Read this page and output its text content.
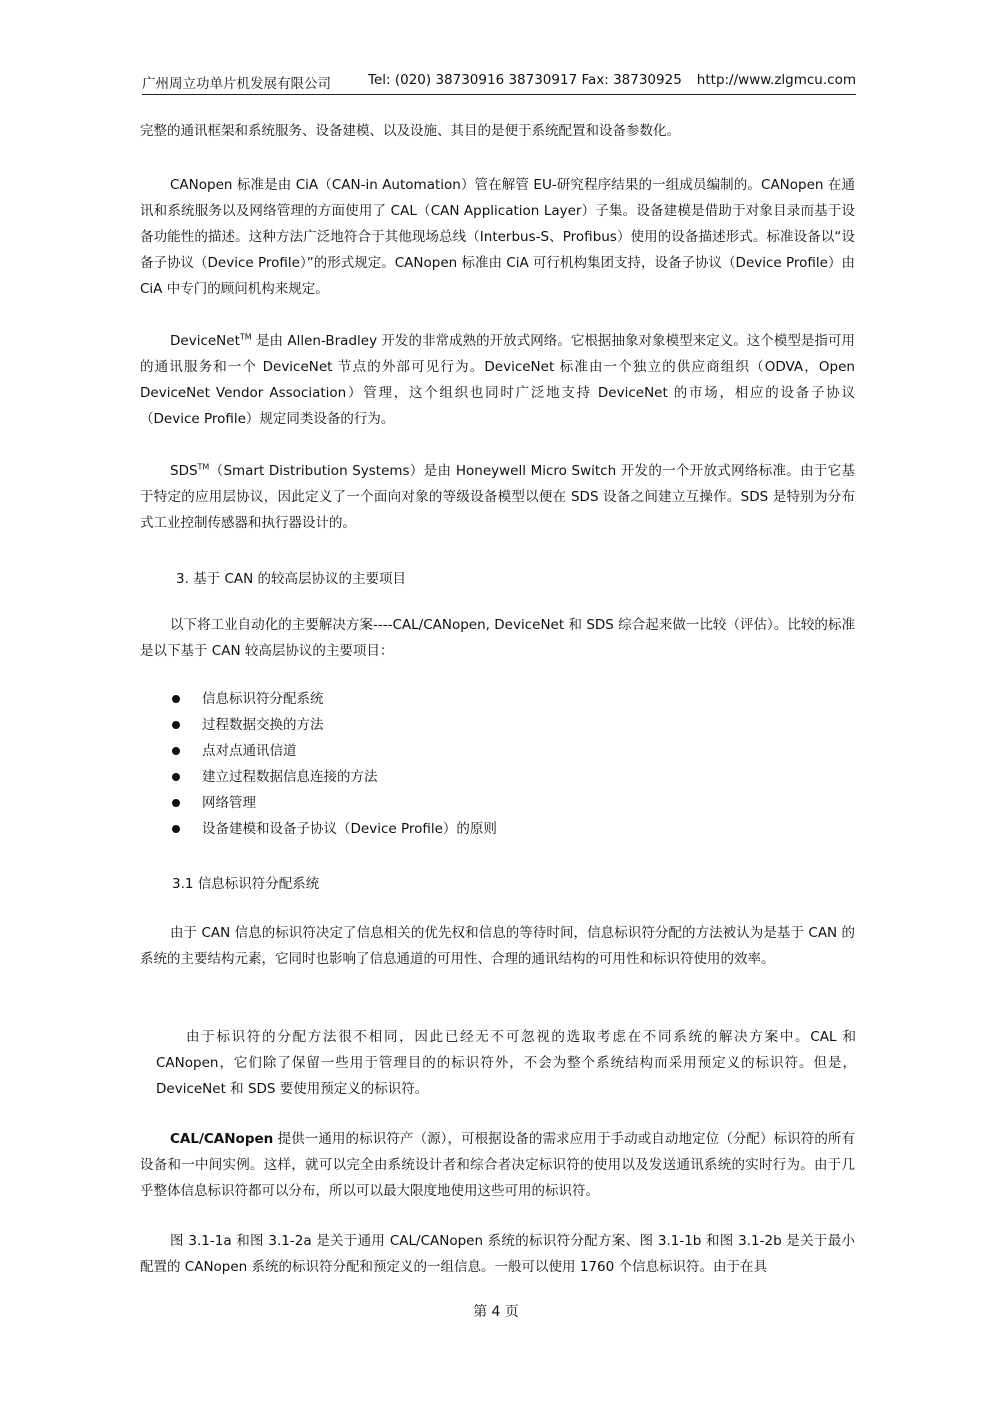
广州周立功单片机发展有限公司	Tel: (020) 38730916 38730917 Fax: 38730925 http://www.zlgmcu.com

完整的通讯框架和系统服务、设备建模、以及设施、其目的是便于系统配置和设备参数化。

CANopen 标准是由 CiA（CAN-in Automation）管在解管 EU-研究程序结果的一组成员编制的。CANopen 在通讯和系统服务以及网络管理的方面使用了 CAL（CAN Application Layer）子集。设备建模是借助于对象目录而基于设备功能性的描述。这种方法广泛地符合于其他现场总线（Interbus-S、Profibus）使用的设备描述形式。标准设备以“设备子协议（Device Profile）”的形式规定。CANopen 标准由 CiA 可行机构集团支持，设备子协议（Device Profile）由 CiA 中专门的顾问机构来规定。

DeviceNet™ 是由 Allen-Bradley 开发的非常成熟的开放式网络。它根据抽象对象模型来定义。这个模型是指可用的通讯服务和一个 DeviceNet 节点的外部可见行为。DeviceNet 标准由一个独立的供应商组织（ODVA，Open DeviceNet Vendor Association）管理，这个组织也同时广泛地支持 DeviceNet 的市场，相应的设备子协议（Device Profile）规定同类设备的行为。

SDS™（Smart Distribution Systems）是由 Honeywell Micro Switch 开发的一个开放式网络标准。由于它基于特定的应用层协议，因此定义了一个面向对象的等级设备模型以便在 SDS 设备之间建立互操作。SDS 是特别为分布式工业控制传感器和执行器设计的。

3. 基于 CAN 的较高层协议的主要项目

以下将工业自动化的主要解决方案----CAL/CANopen, DeviceNet 和 SDS 综合起来做一比较（评估）。比较的标准是以下基于 CAN 较高层协议的主要项目：

信息标识符分配系统
过程数据交换的方法
点对点通讯信道
建立过程数据信息连接的方法
网络管理
设备建模和设备子协议（Device Profile）的原则
3.1 信息标识符分配系统

由于 CAN 信息的标识符决定了信息相关的优先权和信息的等待时间，信息标识符分配的方法被认为是基于 CAN 的系统的主要结构元素，它同时也影响了信息通道的可用性、合理的通讯结构的可用性和标识符使用的效率。

由于标识符的分配方法很不相同，因此已经无不可忽视的选取考虑在不同系统的解决方案中。CAL 和 CANopen，它们除了保留一些用于管理目的的标识符外，不会为整个系统结构而采用预定义的标识符。但是，DeviceNet 和 SDS 要使用预定义的标识符。

CAL/CANopen 提供一通用的标识符产（源），可根据设备的需求应用于手动或自动地定位（分配）标识符的所有设备和一中间实例。这样，就可以完全由系统设计者和综合者决定标识符的使用以及发送通讯系统的实时行为。由于几乎整体信息标识符都可以分布，所以可以最大限度地使用这些可用的标识符。

图 3.1-1a 和图 3.1-2a 是关于通用 CAL/CANopen 系统的标识符分配方案、图 3.1-1b 和图 3.1-2b 是关于最小配置的 CANopen 系统的标识符分配和预定义的一组信息。一般可以使用 1760 个信息标识符。由于在具

第 4 页
